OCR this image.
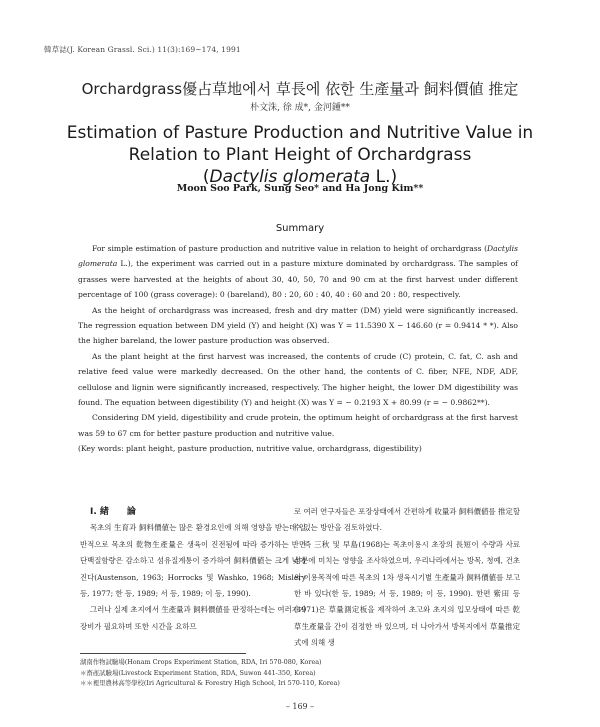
韓草誌(J. Korean Grassl. Sci.) 11(3):169~174, 1991
Orchardgrass優占草地에서 草長에 依한 生產量과 飼料價値 推定
朴文洙, 徐 成*, 金河鍾**
Estimation of Pasture Production and Nutritive Value in
Relation to Plant Height of Orchardgrass
(Dactylis glomerata L.)
Moon Soo Park, Sung Seo* and Ha Jong Kim**
Summary

For simple estimation of pasture production and nutritive value in relation to height of orchardgrass (Dactylis glomerata L.), the experiment was carried out in a pasture mixture dominated by orchardgrass. The samples of grasses were harvested at the heights of about 30, 40, 50, 70 and 90 cm at the first harvest under different percentage of 100 (grass coverage): 0 (bareland), 80 : 20, 60 : 40, 40 : 60 and 20 : 80, respectively.

As the height of orchardgrass was increased, fresh and dry matter (DM) yield were significantly increased. The regression equation between DM yield (Y) and height (X) was Y = 11.5390 X − 146.60 (r = 0.9414 * *). Also the higher bareland, the lower pasture production was observed.

As the plant height at the first harvest was increased, the contents of crude (C) protein, C. fat, C. ash and relative feed value were markedly decreased. On the other hand, the contents of C. fiber, NFE, NDF, ADF, cellulose and lignin were significantly increased, respectively. The higher height, the lower DM digestibility was found. The equation between digestibility (Y) and height (X) was Y = − 0.2193 X + 80.99 (r = − 0.9862**).

Considering DM yield, digestibility and crude protein, the optimum height of orchardgrass at the first harvest was 59 to 67 cm for better pasture production and nutritive value.

(Key words: plant height, pasture production, nutritive value, orchardgrass, digestibility)

Ⅰ. 緖　　論

목초의 生育과 飼料價値는 많은 환경요인에 의해 영향을 받는데 일반적으로 목초의 乾物生產量은 생육이 진전됨에 따라 증가하는 반면 단백질함량은 감소하고 섬유질계통이 증가하여 飼料價値는 크게 낮아진다(Austenson, 1963; Horrocks 및 Washko, 1968; Mislery 등, 1977; 한 등, 1989; 서 등, 1989; 이 등, 1990).

그러나 실제 초지에서 生產量과 飼料價値를 판정하는데는 여러가지 장비가 필요하며 또한 시간을 요하므

로 여러 연구자들은 포장상태에서 간편하게 收量과 飼料價値를 推定할 수 있는 방안을 검토하였다.

즉 三秋 및 早島(1968)는 목초이용시 초장의 長短이 수량과 사료성분에 미치는 영향을 조사하였으며, 우리나라에서는 방목, 청예, 건초의 이용목적에 따른 목초의 1차 생육시기별 生產量과 飼料價値를 보고한 바 있다(한 등, 1989; 서 등, 1989; 이 등, 1990). 한편 紫田 등(1971)은 草量測定板을 제작하여 초고와 초지의 입모상태에 따른 乾草生產量을 간이 검정한 바 있으며, 더 나아가서 방목지에서 草量推定式에 의해 생

湖南作物試驗場(Honam Crops Experiment Station, RDA, Iri 570-080, Korea)
＊畜產試驗場(Livestock Experiment Station, RDA, Suwon 441-350, Korea)
＊＊裡里農林高等學校(Iri Agricultural & Forestry High School, Iri 570-110, Korea)
– 169 –
